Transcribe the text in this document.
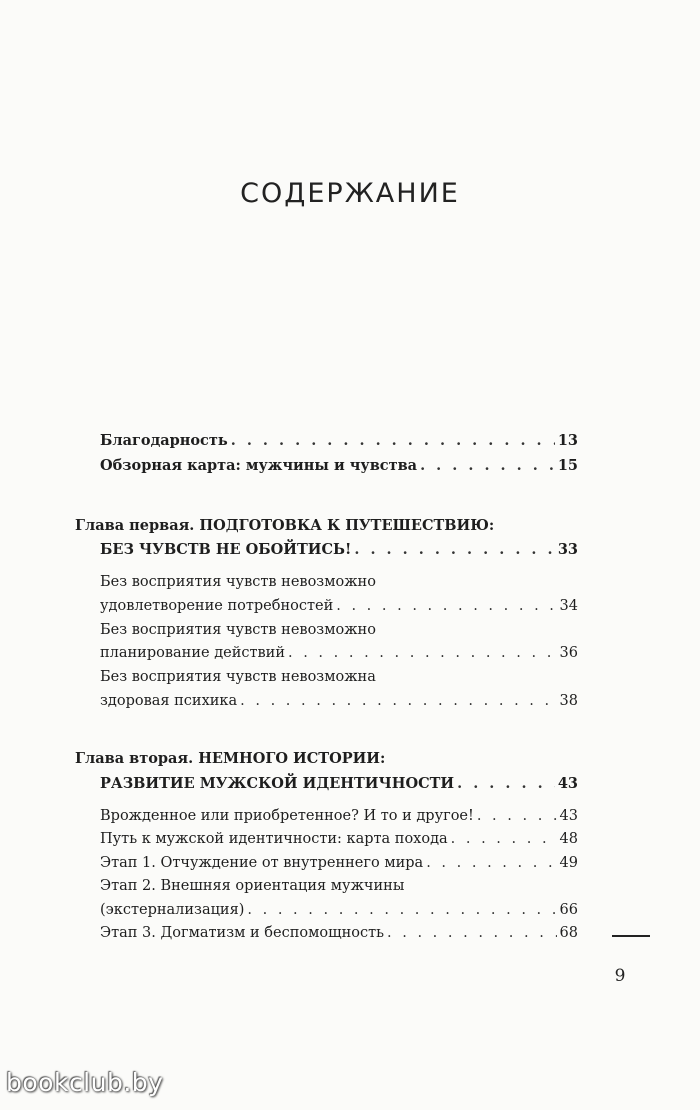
СОДЕРЖАНИЕ
Благодарность . . .	13
Обзорная карта: мужчины и чувства . . .	15
Глава первая. ПОДГОТОВКА К ПУТЕШЕСТВИЮ:
БЕЗ ЧУВСТВ НЕ ОБОЙТИСЬ! . . .	33
Без восприятия чувств невозможно
удовлетворение потребностей . . .	34
Без восприятия чувств невозможно
планирование действий . . .	36
Без восприятия чувств невозможна
здоровая психика . . .	38
Глава вторая. НЕМНОГО ИСТОРИИ:
РАЗВИТИЕ МУЖСКОЙ ИДЕНТИЧНОСТИ . . .	43
Врожденное или приобретенное? И то и другое! . . .	43
Путь к мужской идентичности: карта похода . . .	48
Этап 1. Отчуждение от внутреннего мира . . .	49
Этап 2. Внешняя ориентация мужчины
(экстернализация) . . .	66
Этап 3. Догматизм и беспомощность . . .	68
9
bookclub.by
